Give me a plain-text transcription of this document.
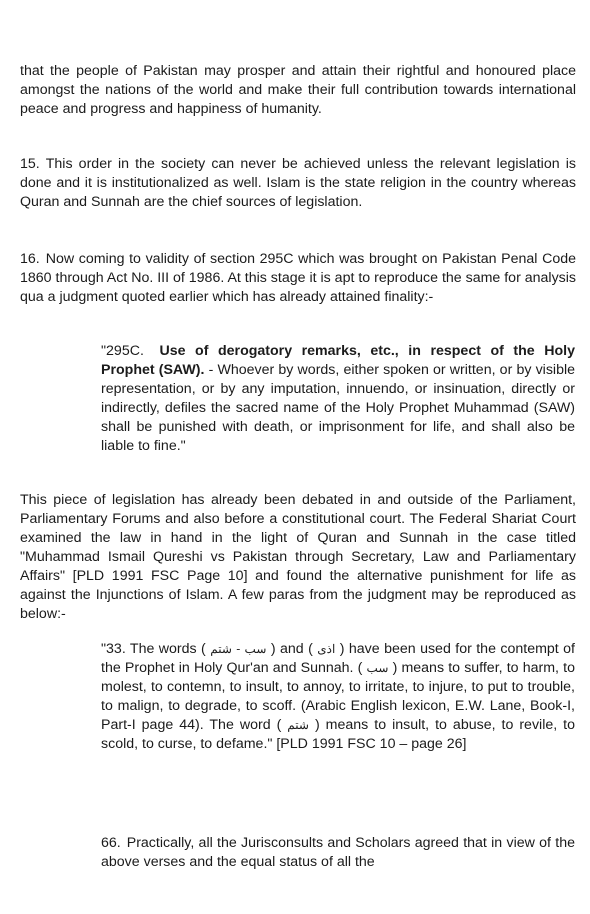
that the people of Pakistan may prosper and attain their rightful and honoured place amongst the nations of the world and make their full contribution towards international peace and progress and happiness of humanity.

15. This order in the society can never be achieved unless the relevant legislation is done and it is institutionalized as well. Islam is the state religion in the country whereas Quran and Sunnah are the chief sources of legislation.

16. Now coming to validity of section 295C which was brought on Pakistan Penal Code 1860 through Act No. III of 1986. At this stage it is apt to reproduce the same for analysis qua a judgment quoted earlier which has already attained finality:-

"295C. Use of derogatory remarks, etc., in respect of the Holy Prophet (SAW). - Whoever by words, either spoken or written, or by visible representation, or by any imputation, innuendo, or insinuation, directly or indirectly, defiles the sacred name of the Holy Prophet Muhammad (SAW) shall be punished with death, or imprisonment for life, and shall also be liable to fine."

This piece of legislation has already been debated in and outside of the Parliament, Parliamentary Forums and also before a constitutional court. The Federal Shariat Court examined the law in hand in the light of Quran and Sunnah in the case titled "Muhammad Ismail Qureshi vs Pakistan through Secretary, Law and Parliamentary Affairs" [PLD 1991 FSC Page 10] and found the alternative punishment for life as against the Injunctions of Islam. A few paras from the judgment may be reproduced as below:-

"33. The words ( سب - شتم ) and ( اذی ) have been used for the contempt of the Prophet in Holy Qur'an and Sunnah. ( سب ) means to suffer, to harm, to molest, to contemn, to insult, to annoy, to irritate, to injure, to put to trouble, to malign, to degrade, to scoff. (Arabic English lexicon, E.W. Lane, Book-I, Part-I page 44). The word ( شتم ) means to insult, to abuse, to revile, to scold, to curse, to defame." [PLD 1991 FSC 10 – page 26]

66. Practically, all the Jurisconsults and Scholars agreed that in view of the above verses and the equal status of all the
